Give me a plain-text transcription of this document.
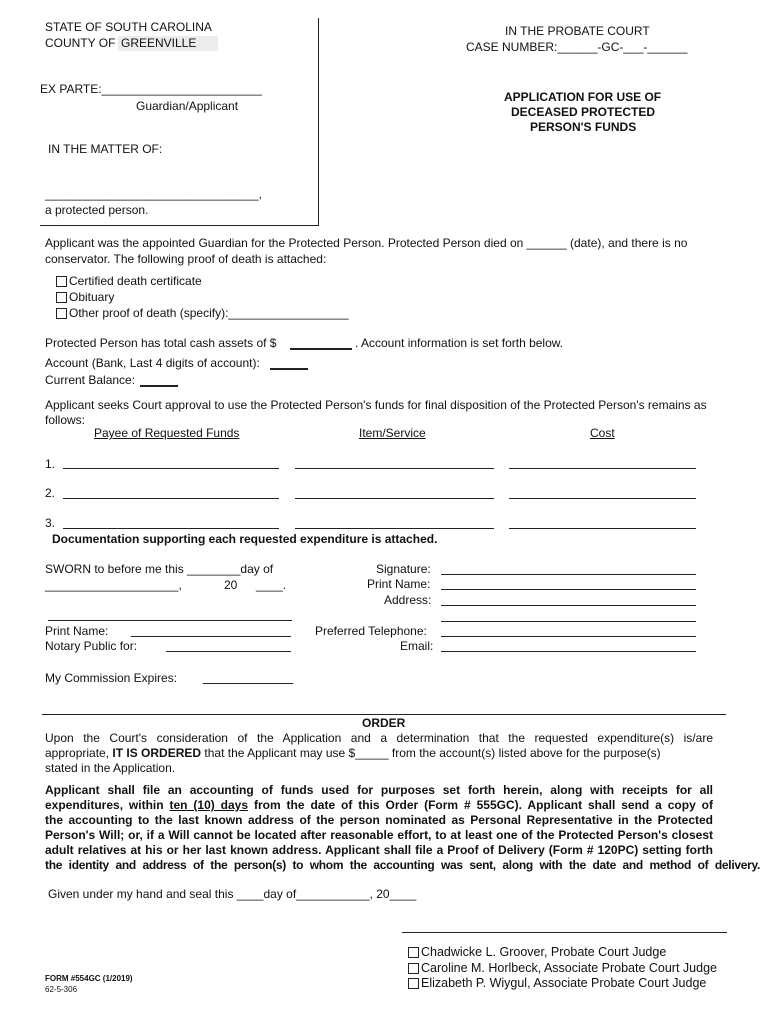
STATE OF SOUTH CAROLINA
COUNTY OF GREENVILLE
IN THE PROBATE COURT
CASE NUMBER:______-GC-___-______
EX PARTE:________________________
Guardian/Applicant
APPLICATION FOR USE OF
DECEASED PROTECTED
PERSON'S FUNDS
IN THE MATTER OF:
________________________________,
a protected person.
Applicant was the appointed Guardian for the Protected Person. Protected Person died on ______ (date), and there is no
conservator. The following proof of death is attached:
Certified death certificate
Obituary
Other proof of death (specify):__________________
Protected Person has total cash assets of $	. Account information is set forth below.
Account (Bank, Last 4 digits of account):
Current Balance:
Applicant seeks Court approval to use the Protected Person's funds for final disposition of the Protected Person's remains as
follows:
Payee of Requested Funds	Item/Service	Cost
1.
2.
3.
Documentation supporting each requested expenditure is attached.
SWORN to before me this ________day of
____________________,	20 ____.
Print Name:
Notary Public for:
My Commission Expires:
Signature:
Print Name:
Address:
Preferred Telephone:
Email:
ORDER
Upon the Court's consideration of the Application and a determination that the requested expenditure(s) is/are
appropriate, IT IS ORDERED that the Applicant may use $_____ from the account(s) listed above for the purpose(s)
stated in the Application.
Applicant shall file an accounting of funds used for purposes set forth herein, along with receipts for all
expenditures, within ten (10) days from the date of this Order (Form # 555GC). Applicant shall send a copy of
the accounting to the last known address of the person nominated as Personal Representative in the Protected
Person's Will; or, if a Will cannot be located after reasonable effort, to at least one of the Protected Person's closest
adult relatives at his or her last known address. Applicant shall file a Proof of Delivery (Form # 120PC) setting forth
the identity and address of the person(s) to whom the accounting was sent, along with the date and method of delivery.
Given under my hand and seal this ____day of___________, 20____
Chadwicke L. Groover, Probate Court Judge
Caroline M. Horlbeck, Associate Probate Court Judge
Elizabeth P. Wiygul, Associate Probate Court Judge
FORM #554GC (1/2019)
62-5-306
